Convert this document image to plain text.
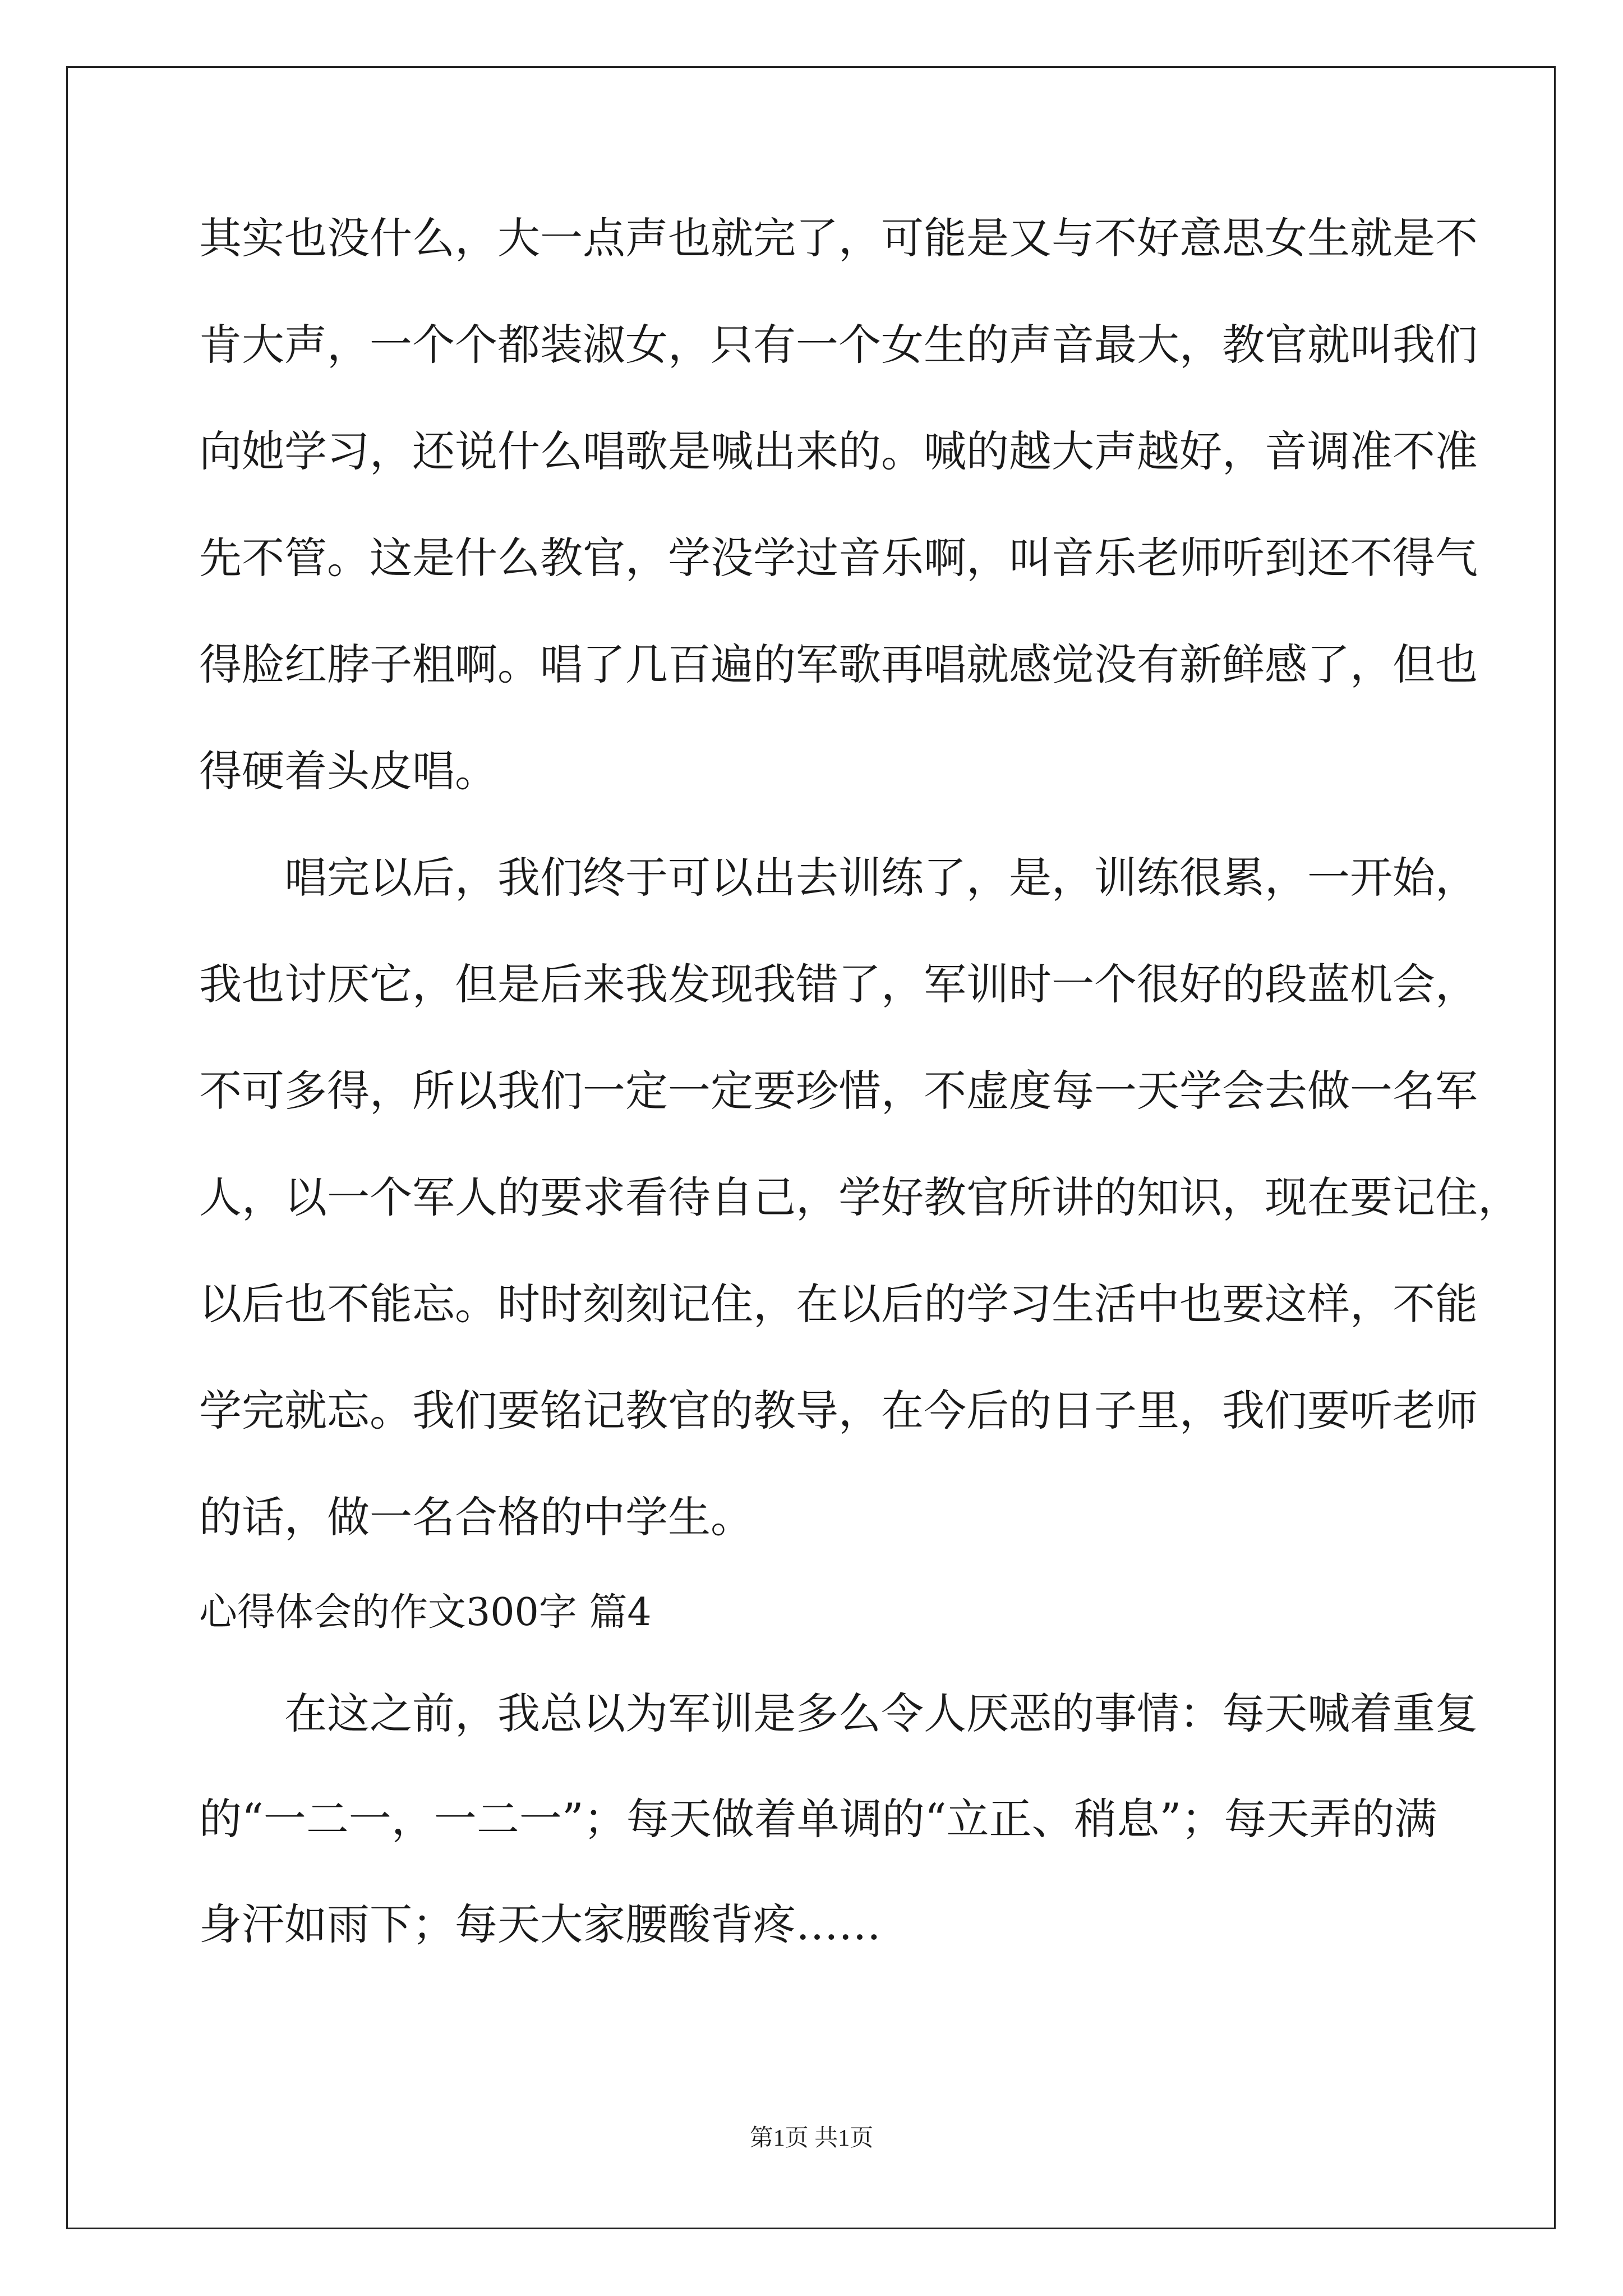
其实也没什么，大一点声也就完了，可能是又与不好意思女生就是不
肯大声，一个个都装淑女，只有一个女生的声音最大，教官就叫我们
向她学习，还说什么唱歌是喊出来的。喊的越大声越好，音调准不准
先不管。这是什么教官，学没学过音乐啊，叫音乐老师听到还不得气
得脸红脖子粗啊。唱了几百遍的军歌再唱就感觉没有新鲜感了，但也
得硬着头皮唱。
唱完以后，我们终于可以出去训练了，是，训练很累，一开始，
我也讨厌它，但是后来我发现我错了，军训时一个很好的段蓝机会，
不可多得，所以我们一定一定要珍惜，不虚度每一天学会去做一名军
人，以一个军人的要求看待自己，学好教官所讲的知识，现在要记住，
以后也不能忘。时时刻刻记住，在以后的学习生活中也要这样，不能
学完就忘。我们要铭记教官的教导，在今后的日子里，我们要听老师
的话，做一名合格的中学生。
心得体会的作文300字 篇4
在这之前，我总以为军训是多么令人厌恶的事情：每天喊着重复
的“一二一，一二一”；每天做着单调的“立正、稍息”；每天弄的满
身汗如雨下；每天大家腰酸背疼……
第1页 共1页
